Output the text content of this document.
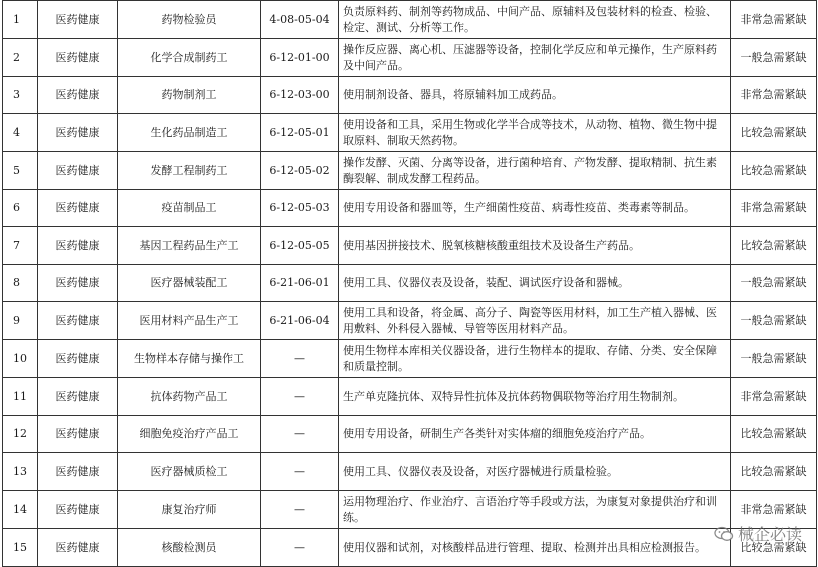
1	医药健康	药物检验员	4-08-05-04	负责原料药、制剂等药物成品、中间产品、原辅料及包装材料的检查、检验、检定、测试、分析等工作。	非常急需紧缺
2	医药健康	化学合成制药工	6-12-01-00	操作反应器、离心机、压滤器等设备，控制化学反应和单元操作，生产原料药及中间产品。	一般急需紧缺
3	医药健康	药物制剂工	6-12-03-00	使用制剂设备、器具，将原辅料加工成药品。	非常急需紧缺
4	医药健康	生化药品制造工	6-12-05-01	使用设备和工具，采用生物或化学半合成等技术，从动物、植物、微生物中提取原料、制取天然药物。	比较急需紧缺
5	医药健康	发酵工程制药工	6-12-05-02	操作发酵、灭菌、分离等设备，进行菌种培育、产物发酵、提取精制、抗生素酶裂解、制成发酵工程药品。	比较急需紧缺
6	医药健康	疫苗制品工	6-12-05-03	使用专用设备和器皿等，生产细菌性疫苗、病毒性疫苗、类毒素等制品。	非常急需紧缺
7	医药健康	基因工程药品生产工	6-12-05-05	使用基因拼接技术、脱氧核糖核酸重组技术及设备生产药品。	比较急需紧缺
8	医药健康	医疗器械装配工	6-21-06-01	使用工具、仪器仪表及设备，装配、调试医疗设备和器械。	一般急需紧缺
9	医药健康	医用材料产品生产工	6-21-06-04	使用工具和设备，将金属、高分子、陶瓷等医用材料，加工生产植入器械、医用敷料、外科侵入器械、导管等医用材料产品。	一般急需紧缺
10	医药健康	生物样本存储与操作工	—	使用生物样本库相关仪器设备，进行生物样本的提取、存储、分类、安全保障和质量控制。	一般急需紧缺
11	医药健康	抗体药物产品工	—	生产单克隆抗体、双特异性抗体及抗体药物偶联物等治疗用生物制剂。	非常急需紧缺
12	医药健康	细胞免疫治疗产品工	—	使用专用设备，研制生产各类针对实体瘤的细胞免疫治疗产品。	比较急需紧缺
13	医药健康	医疗器械质检工	—	使用工具、仪器仪表及设备，对医疗器械进行质量检验。	比较急需紧缺
14	医药健康	康复治疗师	—	运用物理治疗、作业治疗、言语治疗等手段或方法，为康复对象提供治疗和训练。	非常急需紧缺
15	医药健康	核酸检测员	—	使用仪器和试剂，对核酸样品进行管理、提取、检测并出具相应检测报告。	比较急需紧缺
械企必读
